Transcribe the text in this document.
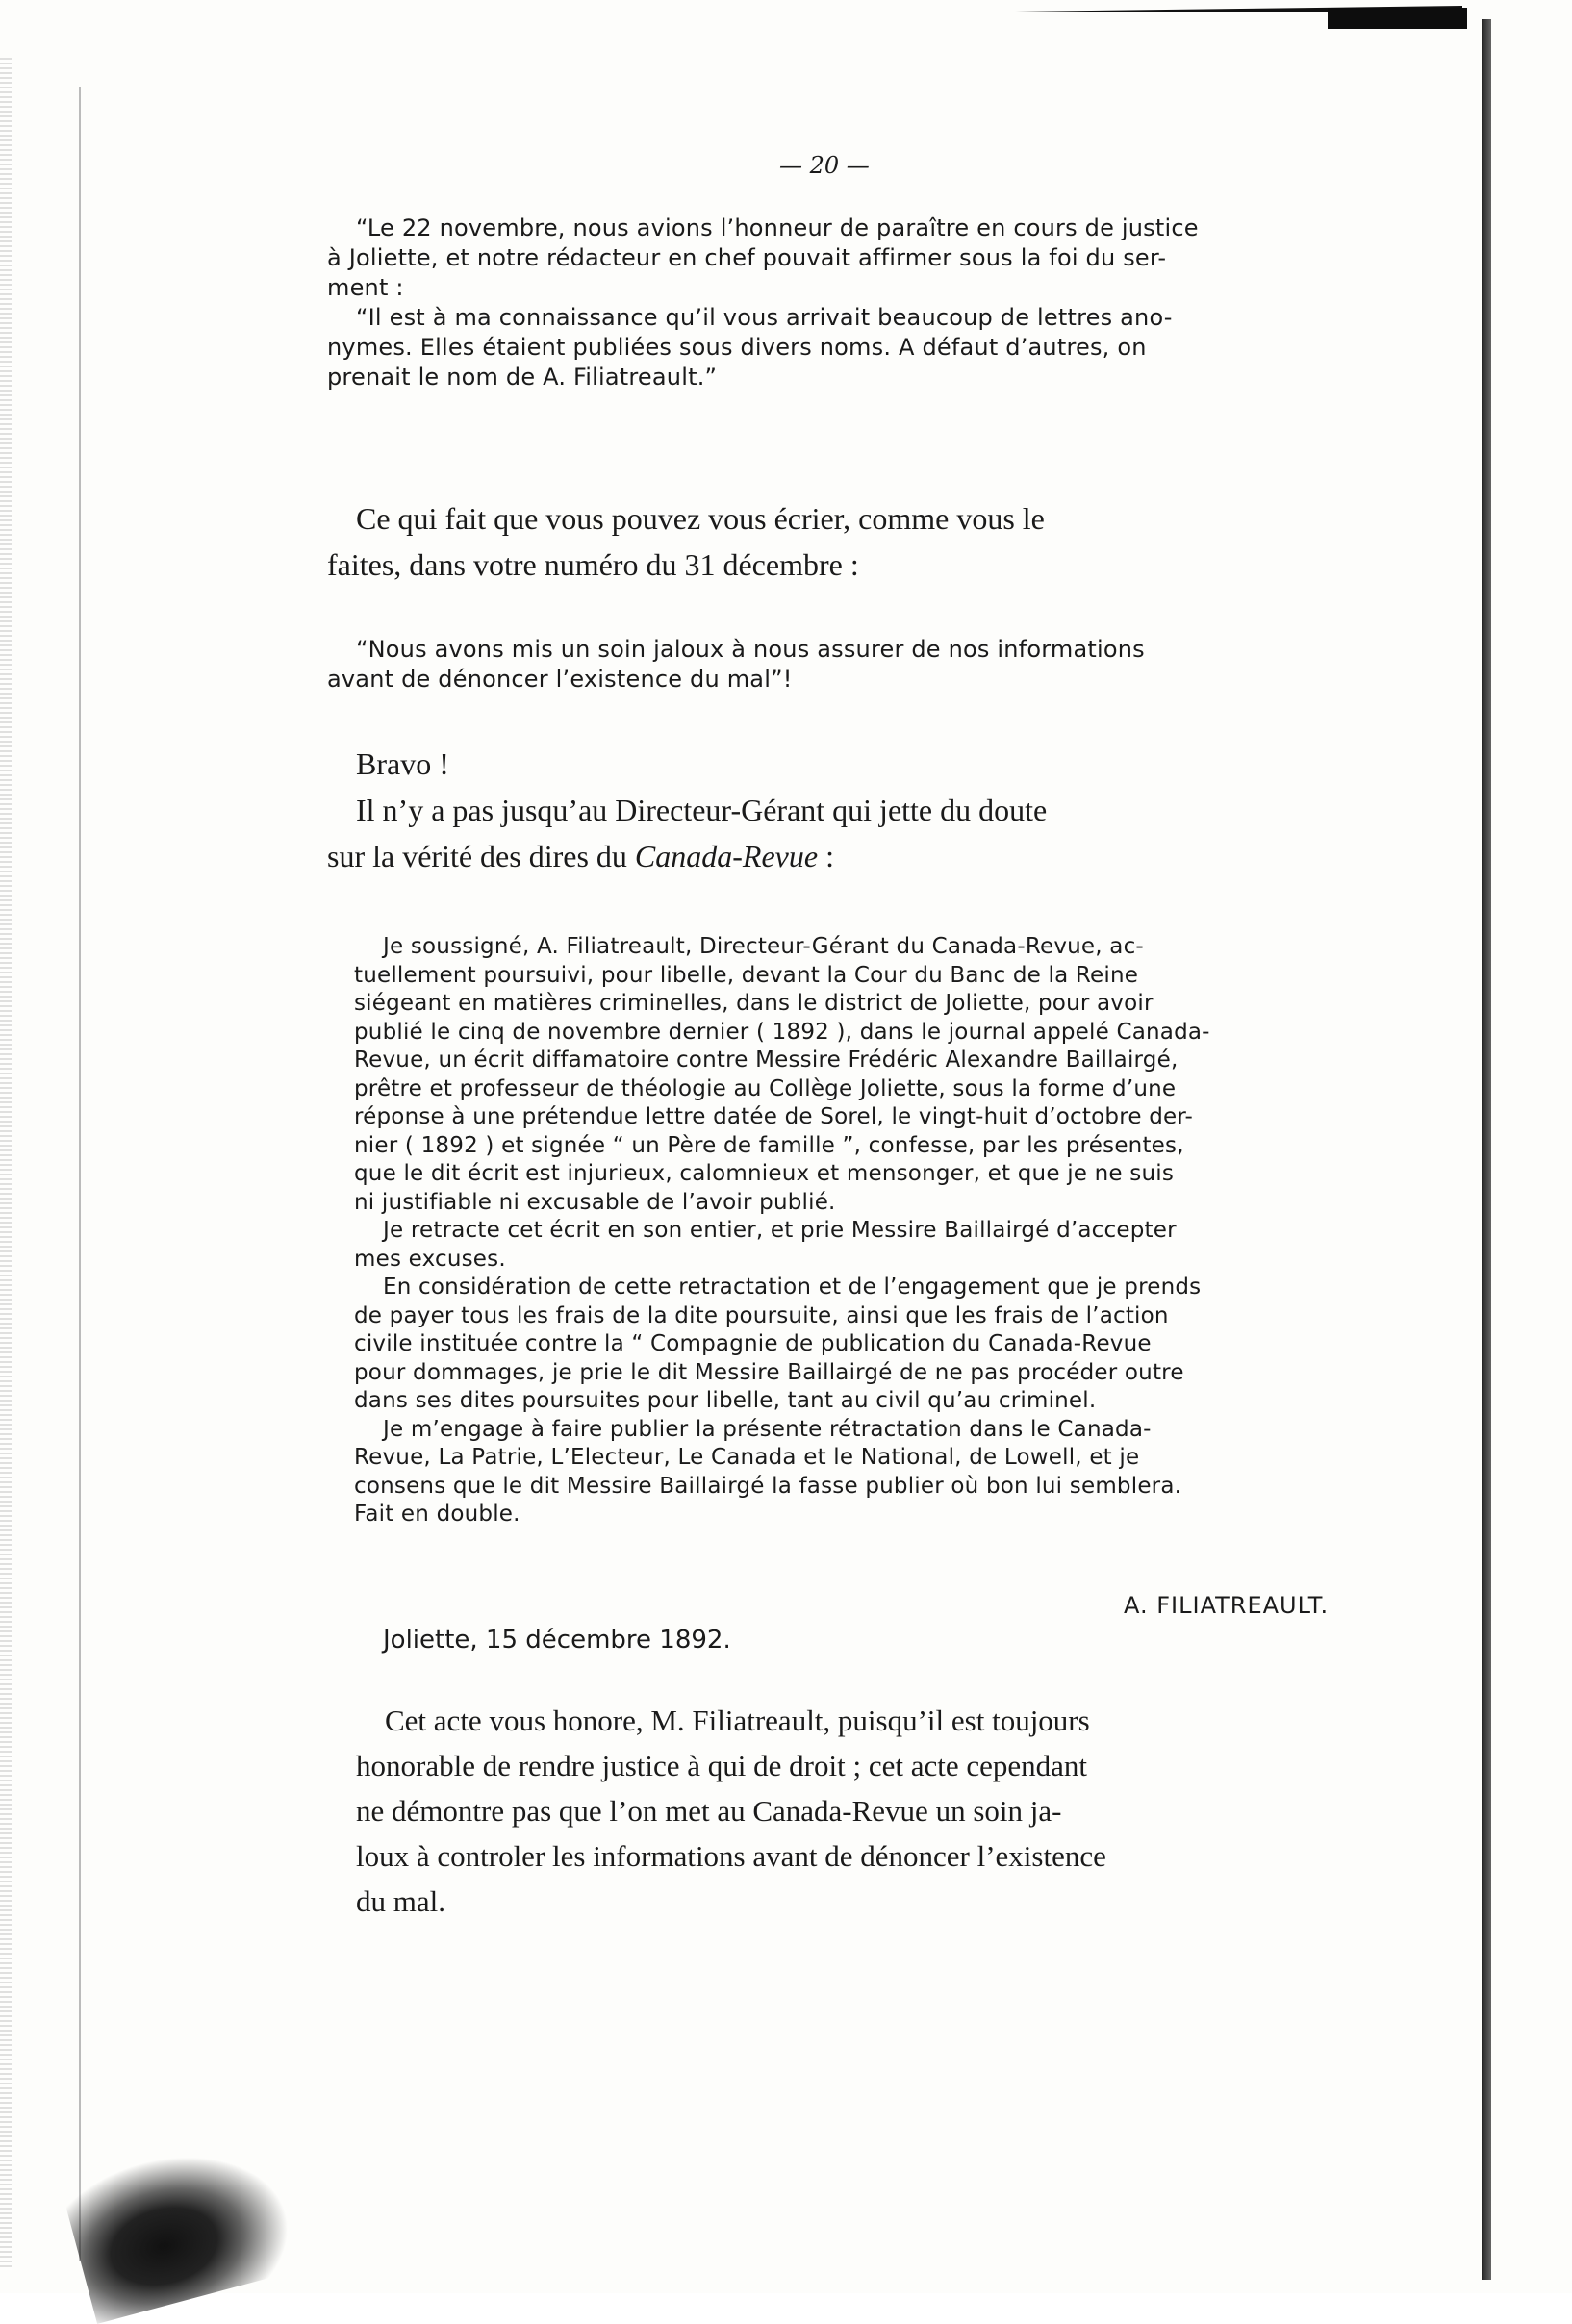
— 20 —

“Le 22 novembre, nous avions l’honneur de paraître en cours de justice

à Joliette, et notre rédacteur en chef pouvait affirmer sous la foi du ser-

ment :

“Il est à ma connaissance qu’il vous arrivait beaucoup de lettres ano-

nymes. Elles étaient publiées sous divers noms. A défaut d’autres, on

prenait le nom de A. Filiatreault.”

Ce qui fait que vous pouvez vous écrier, comme vous le

faites, dans votre numéro du 31 décembre :

“Nous avons mis un soin jaloux à nous assurer de nos informations

avant de dénoncer l’existence du mal”!

Bravo !

Il n’y a pas jusqu’au Directeur-Gérant qui jette du doute

sur la vérité des dires du Canada-Revue :

Je soussigné, A. Filiatreault, Directeur-Gérant du Canada-Revue, ac-

tuellement poursuivi, pour libelle, devant la Cour du Banc de la Reine

siégeant en matières criminelles, dans le district de Joliette, pour avoir

publié le cinq de novembre dernier ( 1892 ), dans le journal appelé Canada-

Revue, un écrit diffamatoire contre Messire Frédéric Alexandre Baillairgé,

prêtre et professeur de théologie au Collège Joliette, sous la forme d’une

réponse à une prétendue lettre datée de Sorel, le vingt-huit d’octobre der-

nier ( 1892 ) et signée “ un Père de famille ”, confesse, par les présentes,

que le dit écrit est injurieux, calomnieux et mensonger, et que je ne suis

ni justifiable ni excusable de l’avoir publié.

Je retracte cet écrit en son entier, et prie Messire Baillairgé d’accepter

mes excuses.

En considération de cette retractation et de l’engagement que je prends

de payer tous les frais de la dite poursuite, ainsi que les frais de l’action

civile instituée contre la “ Compagnie de publication du Canada-Revue

pour dommages, je prie le dit Messire Baillairgé de ne pas procéder outre

dans ses dites poursuites pour libelle, tant au civil qu’au criminel.

Je m’engage à faire publier la présente rétractation dans le Canada-

Revue, La Patrie, L’Electeur, Le Canada et le National, de Lowell, et je

consens que le dit Messire Baillairgé la fasse publier où bon lui semblera.

Fait en double.

A. FILIATREAULT.
Joliette, 15 décembre 1892.

Cet acte vous honore, M. Filiatreault, puisqu’il est toujours

honorable de rendre justice à qui de droit ; cet acte cependant

ne démontre pas que l’on met au Canada-Revue un soin ja-

loux à controler les informations avant de dénoncer l’existence

du mal.
